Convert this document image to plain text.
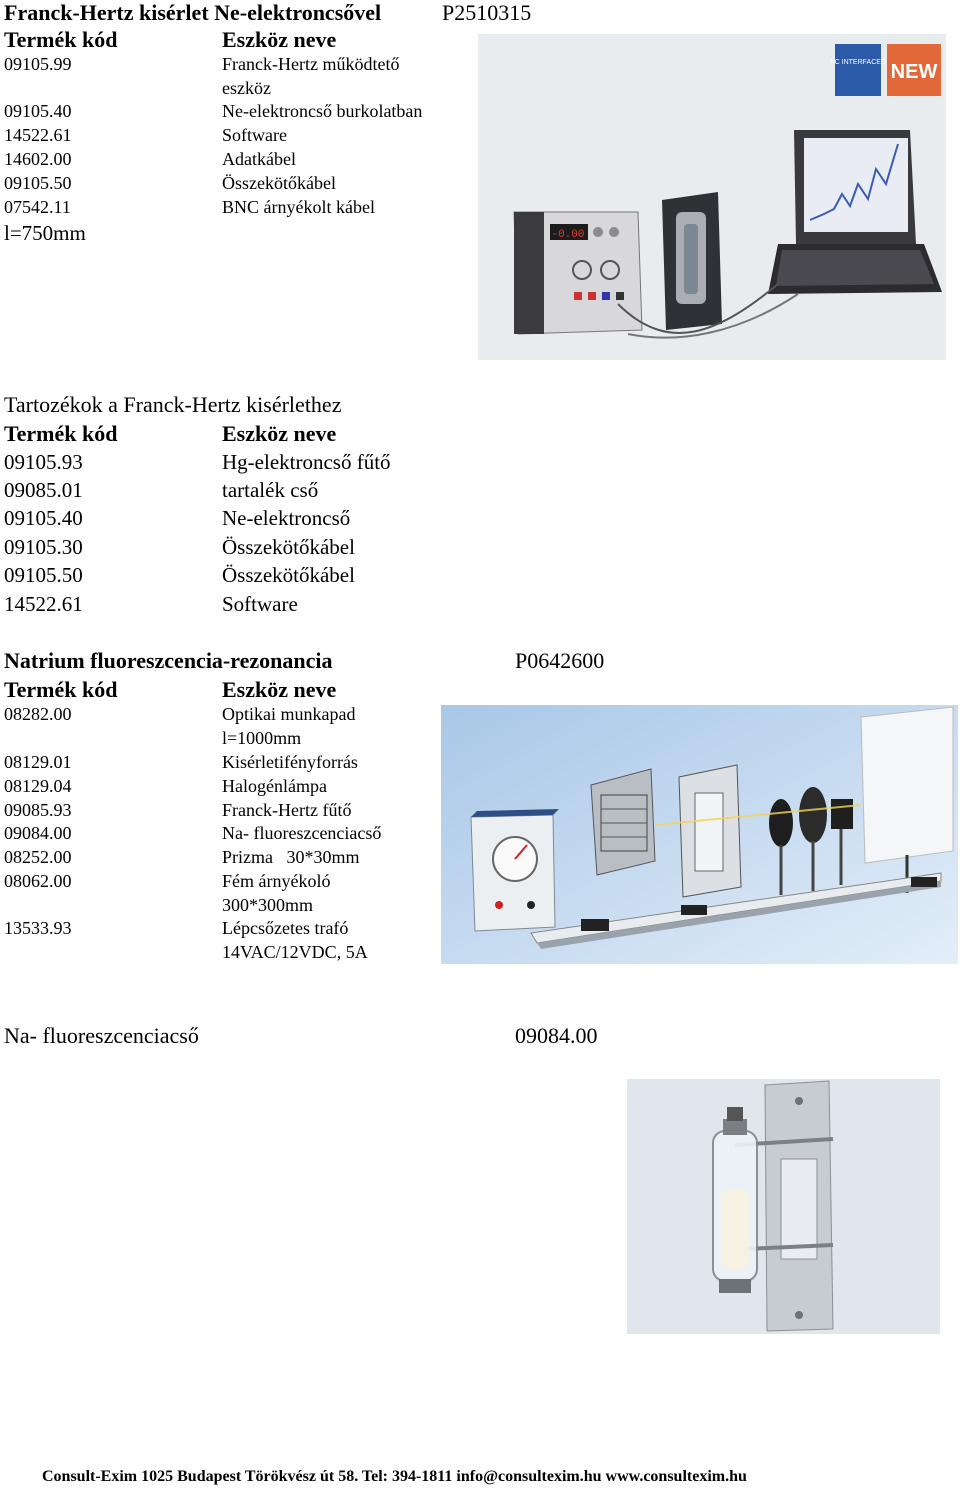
Franck-Hertz kisérlet Ne-elektroncsővel	P2510315
Termék kód	Eszköz neve
09105.99	Franck-Hertz működtető
eszköz
09105.40	Ne-elektroncső burkolatban
14522.61	Software
14602.00	Adatkábel
09105.50	Összekötőkábel
07542.11	BNC árnyékolt kábel
l=750mm
PC INTERFACED NEW
-0.00
Tartozékok a Franck-Hertz kisérlethez
Termék kód	Eszköz neve
09105.93	Hg-elektroncső fűtő
09085.01	tartalék cső
09105.40	Ne-elektroncső
09105.30	Összekötőkábel
09105.50	Összekötőkábel
14522.61	Software
Natrium fluoreszcencia-rezonancia	P0642600
Termék kód	Eszköz neve
08282.00	Optikai munkapad
l=1000mm
08129.01	Kisérletifényforrás
08129.04	Halogénlámpa
09085.93	Franck-Hertz fűtő
09084.00	Na- fluoreszcenciacső
08252.00	Prizma   30*30mm
08062.00	Fém árnyékoló
300*300mm
13533.93	Lépcsőzetes trafó
14VAC/12VDC, 5A
Na- fluoreszcenciacső	09084.00
Consult-Exim 1025 Budapest Törökvész út 58. Tel: 394-1811 info@consultexim.hu www.consultexim.hu
